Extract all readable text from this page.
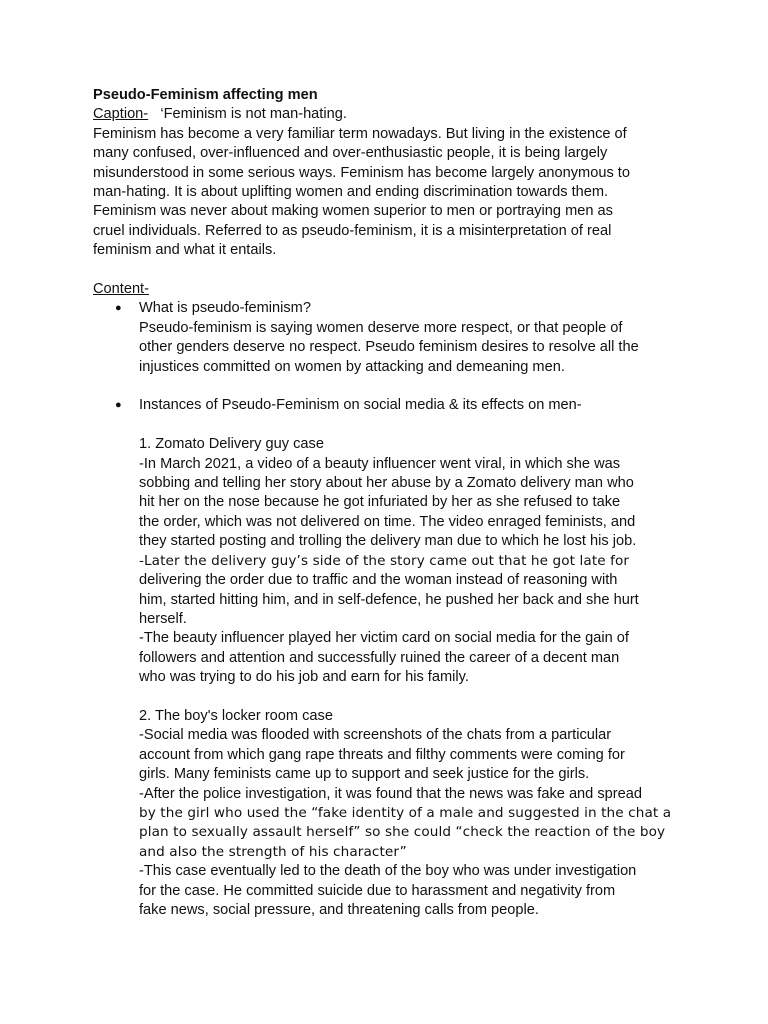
Pseudo-Feminism affecting men
Caption- ‘Feminism is not man-hating.
Feminism has become a very familiar term nowadays. But living in the existence of
many confused, over-influenced and over-enthusiastic people, it is being largely
misunderstood in some serious ways. Feminism has become largely anonymous to
man-hating. It is about uplifting women and ending discrimination towards them.
Feminism was never about making women superior to men or portraying men as
cruel individuals. Referred to as pseudo-feminism, it is a misinterpretation of real
feminism and what it entails.
Content-
● What is pseudo-feminism?
Pseudo-feminism is saying women deserve more respect, or that people of
other genders deserve no respect. Pseudo feminism desires to resolve all the
injustices committed on women by attacking and demeaning men.
● Instances of Pseudo-Feminism on social media & its effects on men-
1. Zomato Delivery guy case
-In March 2021, a video of a beauty influencer went viral, in which she was
sobbing and telling her story about her abuse by a Zomato delivery man who
hit her on the nose because he got infuriated by her as she refused to take
the order, which was not delivered on time. The video enraged feminists, and
they started posting and trolling the delivery man due to which he lost his job.
-Later the delivery guy’s side of the story came out that he got late for
delivering the order due to traffic and the woman instead of reasoning with
him, started hitting him, and in self-defence, he pushed her back and she hurt
herself.
-The beauty influencer played her victim card on social media for the gain of
followers and attention and successfully ruined the career of a decent man
who was trying to do his job and earn for his family.
2. The boy's locker room case
-Social media was flooded with screenshots of the chats from a particular
account from which gang rape threats and filthy comments were coming for
girls. Many feminists came up to support and seek justice for the girls.
-After the police investigation, it was found that the news was fake and spread
by the girl who used the “fake identity of a male and suggested in the chat a
plan to sexually assault herself” so she could “check the reaction of the boy
and also the strength of his character”
-This case eventually led to the death of the boy who was under investigation
for the case. He committed suicide due to harassment and negativity from
fake news, social pressure, and threatening calls from people.
